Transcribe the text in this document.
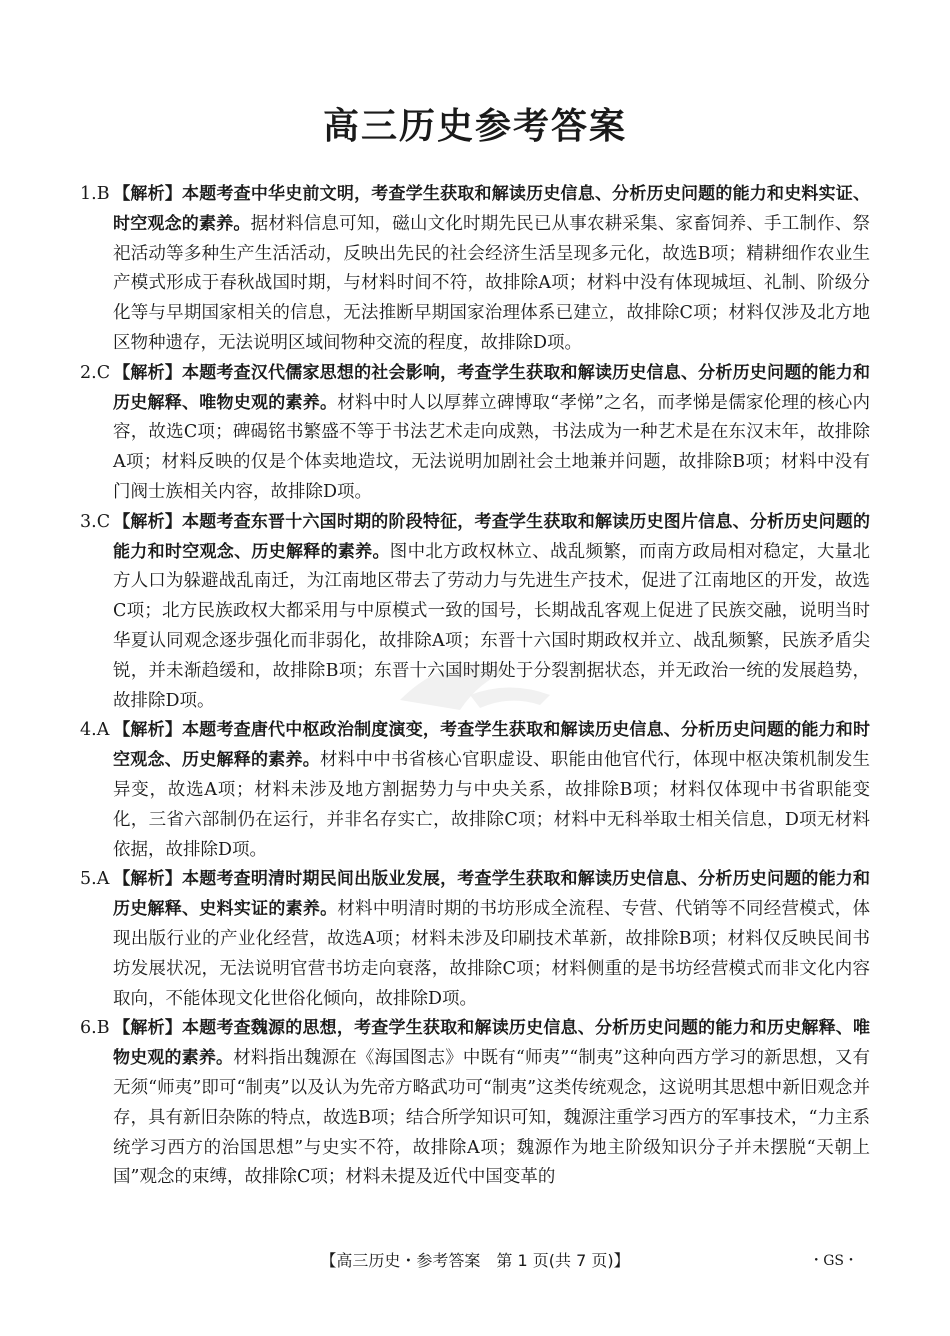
高三历史参考答案
1.B 【解析】本题考查中华史前文明，考查学生获取和解读历史信息、分析历史问题的能力和史料实证、时空观念的素养。据材料信息可知，磁山文化时期先民已从事农耕采集、家畜饲养、手工制作、祭祀活动等多种生产生活活动，反映出先民的社会经济生活呈现多元化，故选B项；精耕细作农业生产模式形成于春秋战国时期，与材料时间不符，故排除A项；材料中没有体现城垣、礼制、阶级分化等与早期国家相关的信息，无法推断早期国家治理体系已建立，故排除C项；材料仅涉及北方地区物种遗存，无法说明区域间物种交流的程度，故排除D项。
2.C 【解析】本题考查汉代儒家思想的社会影响，考查学生获取和解读历史信息、分析历史问题的能力和历史解释、唯物史观的素养。材料中时人以厚葬立碑博取“孝悌”之名，而孝悌是儒家伦理的核心内容，故选C项；碑碣铭书繁盛不等于书法艺术走向成熟，书法成为一种艺术是在东汉末年，故排除A项；材料反映的仅是个体卖地造坟，无法说明加剧社会土地兼并问题，故排除B项；材料中没有门阀士族相关内容，故排除D项。
3.C 【解析】本题考查东晋十六国时期的阶段特征，考查学生获取和解读历史图片信息、分析历史问题的能力和时空观念、历史解释的素养。图中北方政权林立、战乱频繁，而南方政局相对稳定，大量北方人口为躲避战乱南迁，为江南地区带去了劳动力与先进生产技术，促进了江南地区的开发，故选C项；北方民族政权大都采用与中原模式一致的国号，长期战乱客观上促进了民族交融，说明当时华夏认同观念逐步强化而非弱化，故排除A项；东晋十六国时期政权并立、战乱频繁，民族矛盾尖锐，并未渐趋缓和，故排除B项；东晋十六国时期处于分裂割据状态，并无政治一统的发展趋势，故排除D项。
4.A 【解析】本题考查唐代中枢政治制度演变，考查学生获取和解读历史信息、分析历史问题的能力和时空观念、历史解释的素养。材料中中书省核心官职虚设、职能由他官代行，体现中枢决策机制发生异变，故选A项；材料未涉及地方割据势力与中央关系，故排除B项；材料仅体现中书省职能变化，三省六部制仍在运行，并非名存实亡，故排除C项；材料中无科举取士相关信息，D项无材料依据，故排除D项。
5.A 【解析】本题考查明清时期民间出版业发展，考查学生获取和解读历史信息、分析历史问题的能力和历史解释、史料实证的素养。材料中明清时期的书坊形成全流程、专营、代销等不同经营模式，体现出版行业的产业化经营，故选A项；材料未涉及印刷技术革新，故排除B项；材料仅反映民间书坊发展状况，无法说明官营书坊走向衰落，故排除C项；材料侧重的是书坊经营模式而非文化内容取向，不能体现文化世俗化倾向，故排除D项。
6.B 【解析】本题考查魏源的思想，考查学生获取和解读历史信息、分析历史问题的能力和历史解释、唯物史观的素养。材料指出魏源在《海国图志》中既有“师夷”“制夷”这种向西方学习的新思想，又有无须“师夷”即可“制夷”以及认为先帝方略武功可“制夷”这类传统观念，这说明其思想中新旧观念并存，具有新旧杂陈的特点，故选B项；结合所学知识可知，魏源注重学习西方的军事技术，“力主系统学习西方的治国思想”与史实不符，故排除A项；魏源作为地主阶级知识分子并未摆脱“天朝上国”观念的束缚，故排除C项；材料未提及近代中国变革的
【高三历史・参考答案　第 1 页(共 7 页)】	・GS・
